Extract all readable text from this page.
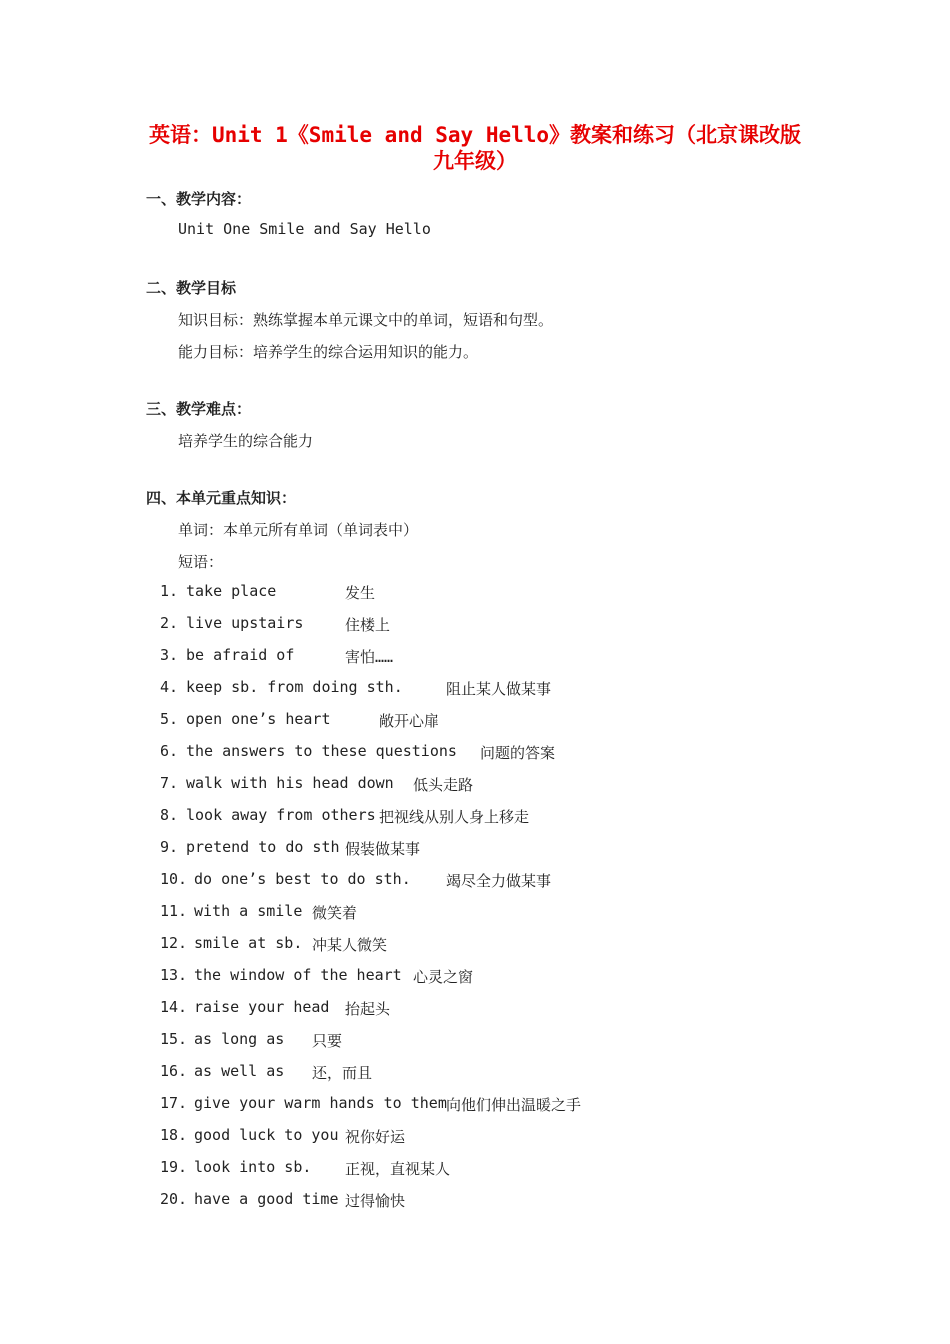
英语：Unit 1《Smile and Say Hello》教案和练习（北京课改版九年级）
一、教学内容：
Unit One Smile and Say Hello
二、教学目标
知识目标：熟练掌握本单元课文中的单词，短语和句型。
能力目标：培养学生的综合运用知识的能力。
三、教学难点：
培养学生的综合能力
四、本单元重点知识：
单词：本单元所有单词（单词表中）
短语：
1. take place	发生
2. live upstairs	住楼上
3. be afraid of	害怕……
4. keep sb. from doing sth.	阻止某人做某事
5. open one’s heart	敞开心扉
6. the answers to these questions 问题的答案
7. walk with his head down 低头走路
8. look away from others 把视线从别人身上移走
9. pretend to do sth 假装做某事
10. do one’s best to do sth. 竭尽全力做某事
11. with a smile 微笑着
12. smile at sb. 冲某人微笑
13. the window of the heart 心灵之窗
14. raise your head 抬起头
15. as long as 只要
16. as well as 还，而且
17. give your warm hands to them 向他们伸出温暖之手
18. good luck to you 祝你好运
19. look into sb. 正视，直视某人
20. have a good time 过得愉快
